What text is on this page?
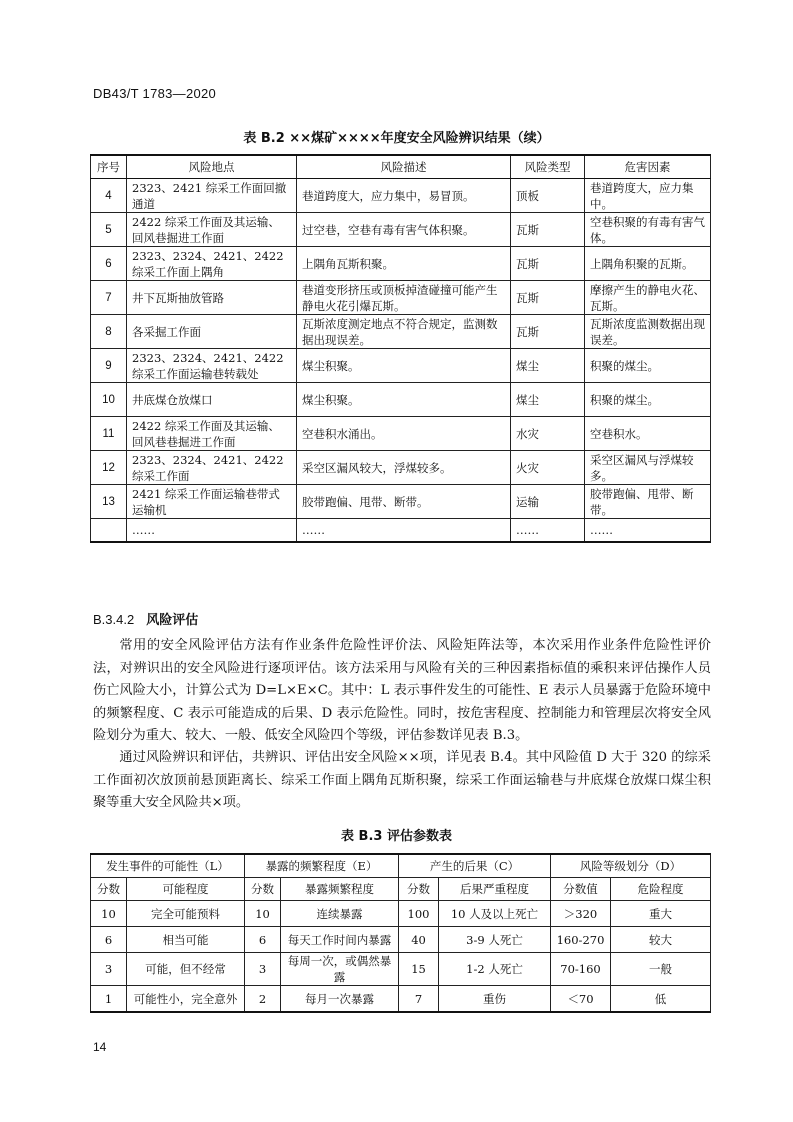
DB43/T 1783—2020
表 B.2 ××煤矿××××年度安全风险辨识结果（续）
序号	风险地点	风险描述	风险类型	危害因素
4	2323、2421 综采工作面回撤通道	巷道跨度大，应力集中，易冒顶。	顶板	巷道跨度大，应力集中。
5	2422 综采工作面及其运输、回风巷掘进工作面	过空巷，空巷有毒有害气体积聚。	瓦斯	空巷积聚的有毒有害气体。
6	2323、2324、2421、2422 综采工作面上隅角	上隅角瓦斯积聚。	瓦斯	上隅角积聚的瓦斯。
7	井下瓦斯抽放管路	巷道变形挤压或顶板掉渣碰撞可能产生静电火花引爆瓦斯。	瓦斯	摩擦产生的静电火花、瓦斯。
8	各采掘工作面	瓦斯浓度测定地点不符合规定，监测数据出现误差。	瓦斯	瓦斯浓度监测数据出现误差。
9	2323、2324、2421、2422 综采工作面运输巷转载处	煤尘积聚。	煤尘	积聚的煤尘。
10	井底煤仓放煤口	煤尘积聚。	煤尘	积聚的煤尘。
11	2422 综采工作面及其运输、回风巷巷掘进工作面	空巷积水涌出。	水灾	空巷积水。
12	2323、2324、2421、2422 综采工作面	采空区漏风较大，浮煤较多。	火灾	采空区漏风与浮煤较多。
13	2421 综采工作面运输巷带式运输机	胶带跑偏、甩带、断带。	运输	胶带跑偏、甩带、断带。
	……	……	……	……
B.3.4.2 风险评估

常用的安全风险评估方法有作业条件危险性评价法、风险矩阵法等，本次采用作业条件危险性评价法，对辨识出的安全风险进行逐项评估。该方法采用与风险有关的三种因素指标值的乘积来评估操作人员伤亡风险大小，计算公式为 D=L×E×C。其中：L 表示事件发生的可能性、E 表示人员暴露于危险环境中的频繁程度、C 表示可能造成的后果、D 表示危险性。同时，按危害程度、控制能力和管理层次将安全风险划分为重大、较大、一般、低安全风险四个等级，评估参数详见表 B.3。

通过风险辨识和评估，共辨识、评估出安全风险××项，详见表 B.4。其中风险值 D 大于 320 的综采工作面初次放顶前悬顶距离长、综采工作面上隅角瓦斯积聚，综采工作面运输巷与井底煤仓放煤口煤尘积聚等重大安全风险共×项。

表 B.3 评估参数表
发生事件的可能性（L）		暴露的频繁程度（E）		产生的后果（C）		风险等级划分（D）	
分数	可能程度	分数	暴露频繁程度	分数	后果严重程度	分数值	危险程度
10	完全可能预料	10	连续暴露	100	10 人及以上死亡	＞320	重大
6	相当可能	6	每天工作时间内暴露	40	3-9 人死亡	160-270	较大
3	可能，但不经常	3	每周一次，或偶然暴露	15	1-2 人死亡	70-160	一般
1	可能性小，完全意外	2	每月一次暴露	7	重伤	＜70	低
14
